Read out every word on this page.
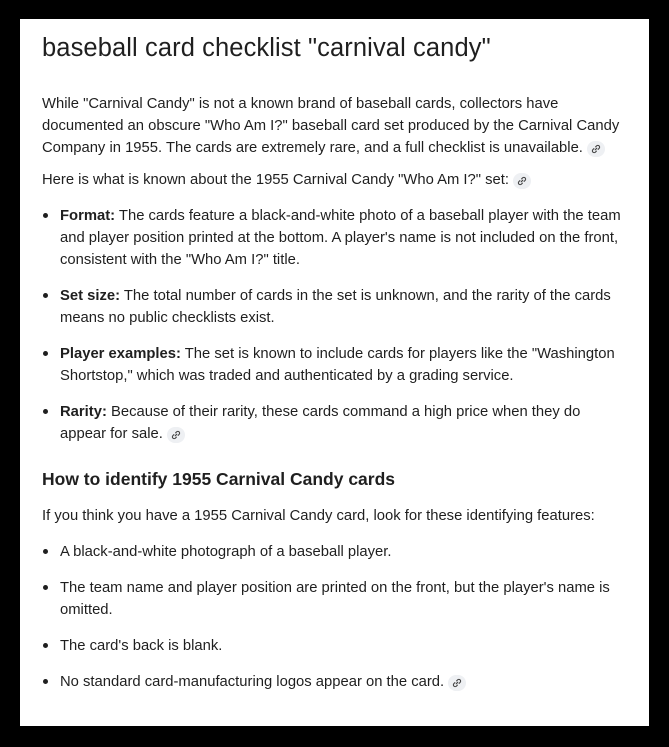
baseball card checklist "carnival candy"

While "Carnival Candy" is not a known brand of baseball cards, collectors have documented an obscure "Who Am I?" baseball card set produced by the Carnival Candy Company in 1955. The cards are extremely rare, and a full checklist is unavailable.

Here is what is known about the 1955 Carnival Candy "Who Am I?" set:

Format: The cards feature a black-and-white photo of a baseball player with the team and player position printed at the bottom. A player's name is not included on the front, consistent with the "Who Am I?" title.
Set size: The total number of cards in the set is unknown, and the rarity of the cards means no public checklists exist.
Player examples: The set is known to include cards for players like the "Washington Shortstop," which was traded and authenticated by a grading service.
Rarity: Because of their rarity, these cards command a high price when they do appear for sale.
How to identify 1955 Carnival Candy cards

If you think you have a 1955 Carnival Candy card, look for these identifying features:

A black-and-white photograph of a baseball player.
The team name and player position are printed on the front, but the player's name is omitted.
The card's back is blank.
No standard card-manufacturing logos appear on the card.
